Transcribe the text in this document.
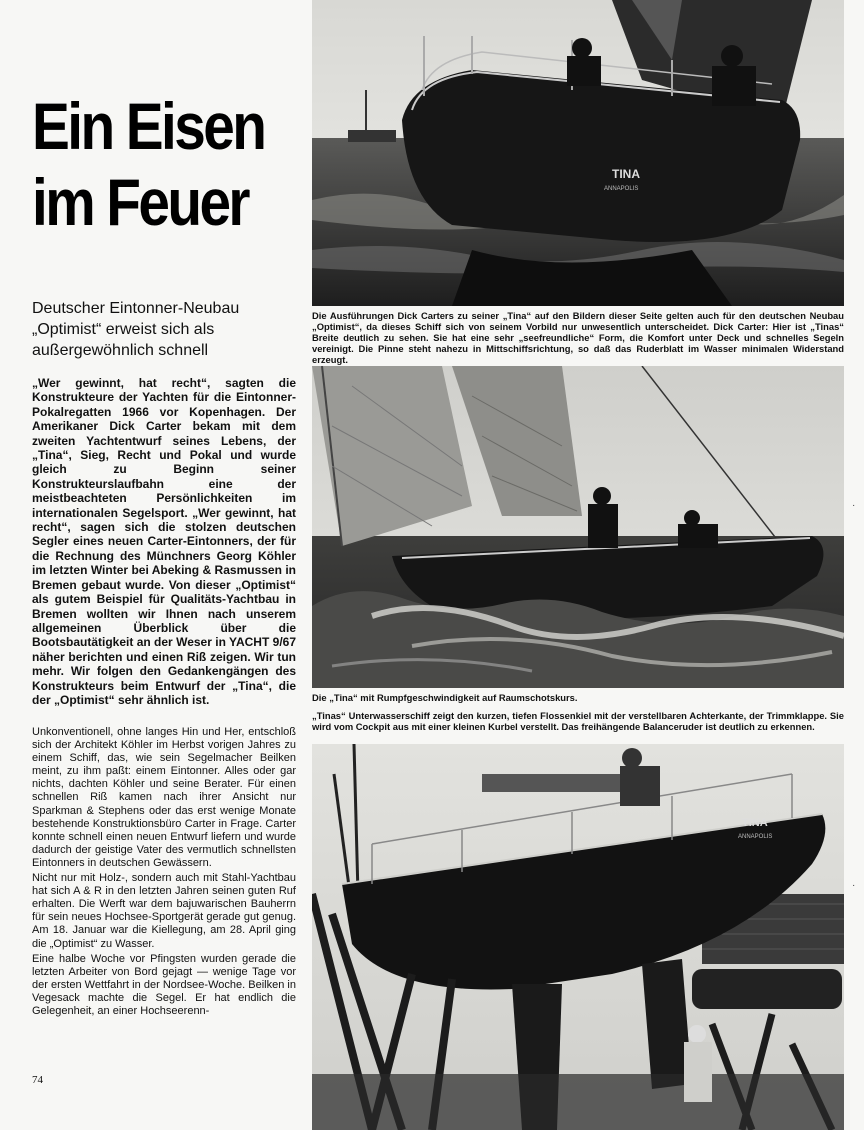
Ein Eisen
im Feuer
Deutscher Eintonner-Neubau „Optimist“ erweist sich als außergewöhnlich schnell
„Wer gewinnt, hat recht“, sagten die Konstrukteure der Yachten für die Eintonner-Pokalregatten 1966 vor Kopenhagen. Der Amerikaner Dick Carter bekam mit dem zweiten Yachtentwurf seines Lebens, der „Tina“, Sieg, Recht und Pokal und wurde gleich zu Beginn seiner Konstrukteurslaufbahn eine der meistbeachteten Persönlichkeiten im internationalen Segelsport. „Wer gewinnt, hat recht“, sagen sich die stolzen deutschen Segler eines neuen Carter-Eintonners, der für die Rechnung des Münchners Georg Köhler im letzten Winter bei Abeking & Rasmussen in Bremen gebaut wurde. Von dieser „Optimist“ als gutem Beispiel für Qualitäts-Yachtbau in Bremen wollten wir Ihnen nach unserem allgemeinen Überblick über die Bootsbautätigkeit an der Weser in YACHT 9/67 näher berichten und einen Riß zeigen. Wir tun mehr. Wir folgen den Gedankengängen des Konstrukteurs beim Entwurf der „Tina“, die der „Optimist“ sehr ähnlich ist.

Unkonventionell, ohne langes Hin und Her, entschloß sich der Architekt Köhler im Herbst vorigen Jahres zu einem Schiff, das, wie sein Segelmacher Beilken meint, zu ihm paßt: einem Eintonner. Alles oder gar nichts, dachten Köhler und seine Berater. Für einen schnellen Riß kamen nach ihrer Ansicht nur Sparkman & Stephens oder das erst wenige Monate bestehende Konstruktionsbüro Carter in Frage. Carter konnte schnell einen neuen Entwurf liefern und wurde dadurch der geistige Vater des vermutlich schnellsten Eintonners in deutschen Gewässern.

Nicht nur mit Holz-, sondern auch mit Stahl-Yachtbau hat sich A & R in den letzten Jahren seinen guten Ruf erhalten. Die Werft war dem bajuwarischen Bauherrn für sein neues Hochsee-Sportgerät gerade gut genug. Am 18. Januar war die Kiellegung, am 28. April ging die „Optimist“ zu Wasser.

Eine halbe Woche vor Pfingsten wurden gerade die letzten Arbeiter von Bord gejagt — wenige Tage vor der ersten Wettfahrt in der Nordsee-Woche. Beilken in Vegesack machte die Segel. Er hat endlich die Gelegenheit, an einer Hochseerenn-

74
TINA
ANNAPOLIS
Die Ausführungen Dick Carters zu seiner „Tina“ auf den Bildern dieser Seite gelten auch für den deutschen Neubau „Optimist“, da dieses Schiff sich von seinem Vorbild nur unwesentlich unterscheidet. Dick Carter: Hier ist „Tinas“ Breite deutlich zu sehen. Sie hat eine sehr „seefreundliche“ Form, die Komfort unter Deck und schnelles Segeln vereinigt. Die Pinne steht nahezu in Mittschiffsrichtung, so daß das Ruderblatt im Wasser minimalen Widerstand erzeugt.
Die „Tina“ mit Rumpfgeschwindigkeit auf Raumschotskurs.
„Tinas“ Unterwasserschiff zeigt den kurzen, tiefen Flossenkiel mit der verstellbaren Achterkante, der Trimmklappe. Sie wird vom Cockpit aus mit einer kleinen Kurbel verstellt. Das freihängende Balanceruder ist deutlich zu erkennen.
TINA
ANNAPOLIS
·
·
